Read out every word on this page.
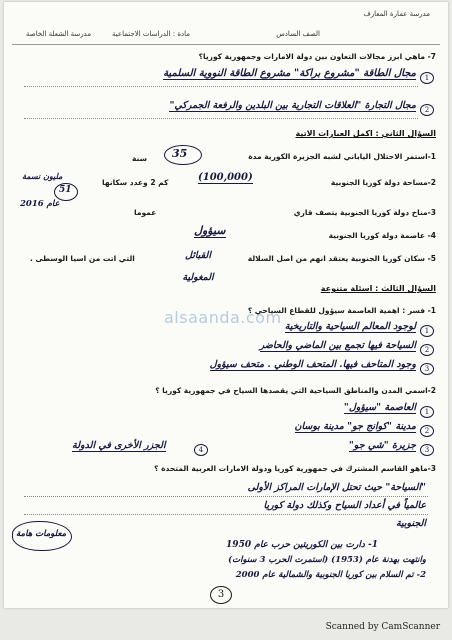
مدرسة عمارة المعارف
مادة : الدراسات الاجتماعية	الصف السادس
مدرسة الشعلة الخاصة
7- ماهي ابرز مجالات التعاون بين دولة الامارات وجمهورية كوريا؟
1
مجال الطاقة "مشروع براكة" مشروع الطاقة النووية السلمية
2
مجال التجارة "العلاقات التجارية بين البلدين والرفعة الجمركي"
السؤال الثاني : اكمل العبارات الاتية
1-استمر الاحتلال الياباني لشبه الجزيرة الكورية مدة
35
سنة
2-مساحة دولة كوريا الجنوبية
(100,000)
كم 2 وعدد سكانها
51
مليون نسمة
عام 2016
3-مناخ دولة كوريا الجنوبية يتصف قاري
عموما
4- عاصمة دولة كوريا الجنوبية
سيؤول
5- سكان كوريا الجنوبية يعتقد انهم من اصل السلالة
القبائل المغولية
التي اتت من اسيا الوسطى .
السؤال الثالث : اسئلة متنوعة
1- فسر : اهمية العاصمة سيؤول للقطاع السياحي ؟
alsaanda.com
1
لوجود المعالم السياحية والتاريخية
2
السياحة فيها تجمع بين الماضي والحاضر
3
وجود المتاحف فيها. المتحف الوطني . متحف سيؤول
2-اسمي المدن والمناطق السياحية التي يقصدها السياح في جمهورية كوريا ؟
1
العاصمة "سيؤول"
2
مدينة "كوانج جو" مدينة بوسان
3
جزيرة "شي جو"
4
الجزر الأخرى في الدولة
3-ماهو القاسم المشترك في جمهورية كوريا ودولة الامارات العربية المتحدة ؟
"السياحة" حيث تحتل الإمارات المراكز الأولى
عالمياً في أعداد السياح وكذلك دولة كوريا
الجنوبية
معلومات هامة
1- دارت بين الكوريتين حرب عام 1950
وانتهت بهدنة عام (1953) (استمرت الحرب 3 سنوات)
2- تم السلام بين كوريا الجنوبية والشمالية عام 2000
3
Scanned by CamScanner
